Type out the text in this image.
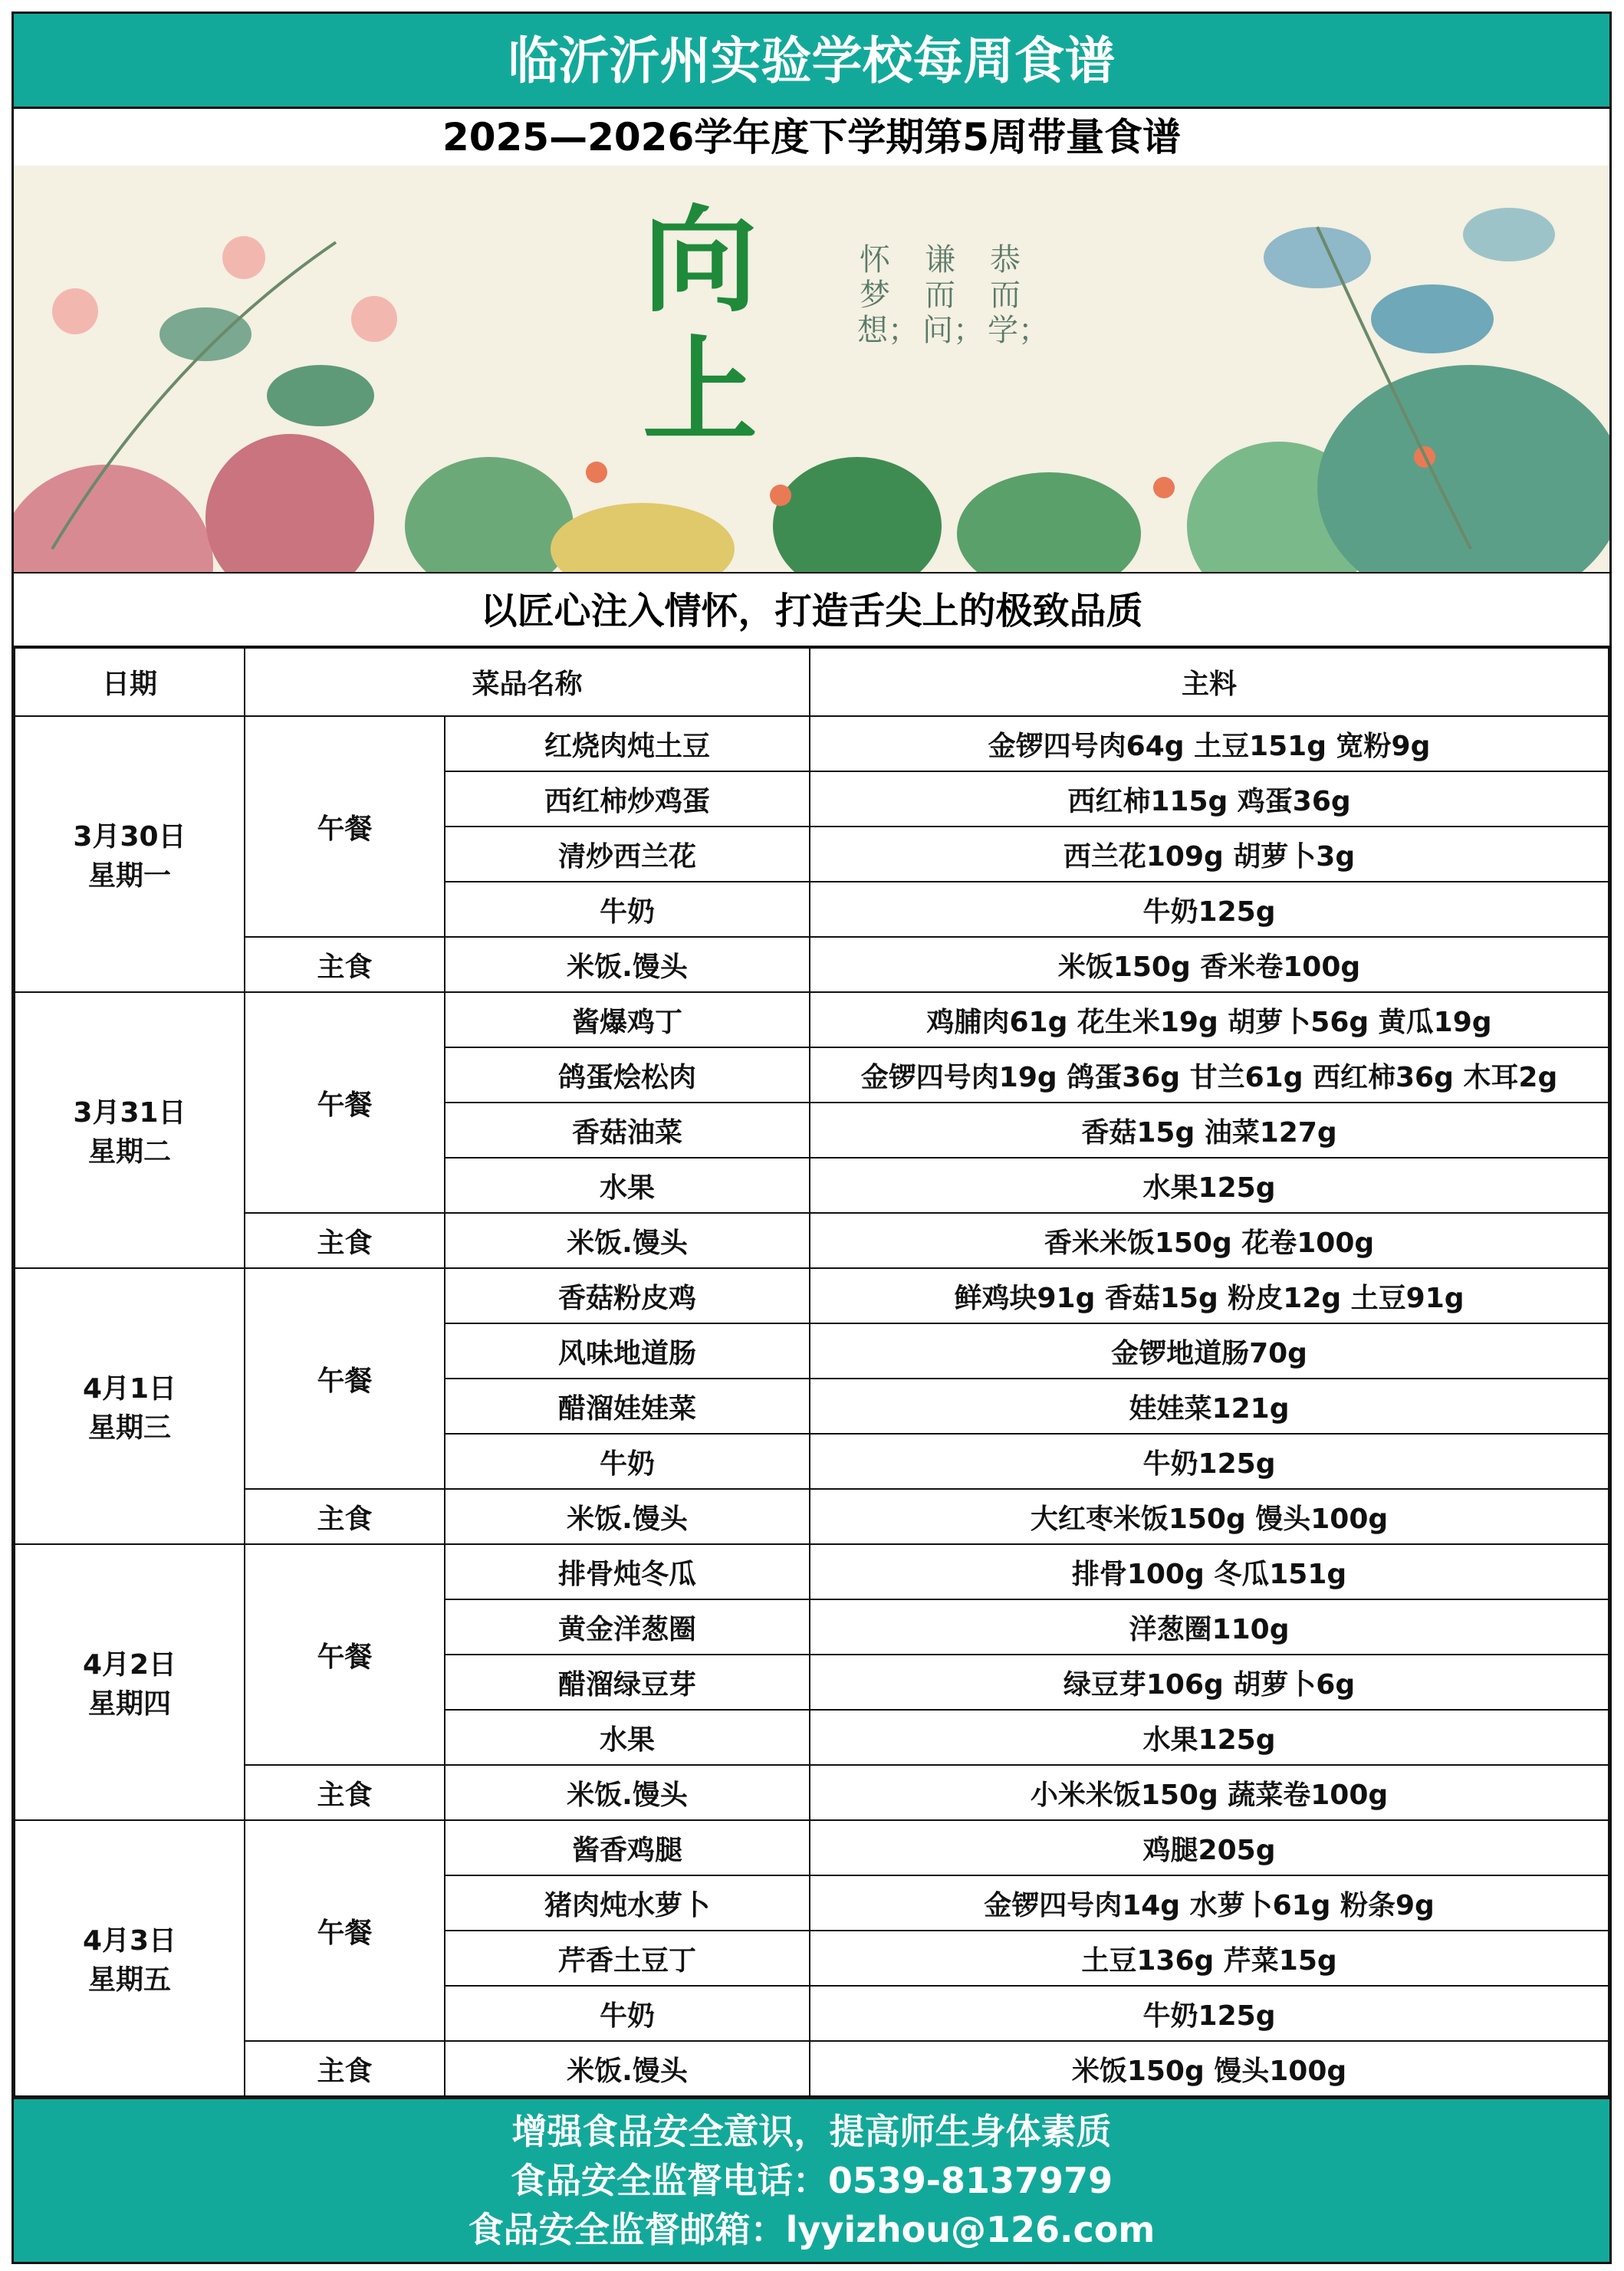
临沂沂州实验学校每周食谱
2025—2026学年度下学期第5周带量食谱
向
上
恭而学；
谦而问；
怀梦想；
以匠心注入情怀，打造舌尖上的极致品质
日期	菜品名称		主料
3月30日
星期一	午餐	红烧肉炖土豆	金锣四号肉64g 土豆151g 宽粉9g
		西红柿炒鸡蛋	西红柿115g 鸡蛋36g
		清炒西兰花	西兰花109g 胡萝卜3g
		牛奶	牛奶125g
	主食	米饭.馒头	米饭150g 香米卷100g
3月31日
星期二	午餐	酱爆鸡丁	鸡脯肉61g 花生米19g 胡萝卜56g 黄瓜19g
		鸽蛋烩松肉	金锣四号肉19g 鸽蛋36g 甘兰61g 西红柿36g 木耳2g
		香菇油菜	香菇15g 油菜127g
		水果	水果125g
	主食	米饭.馒头	香米米饭150g 花卷100g
4月1日
星期三	午餐	香菇粉皮鸡	鲜鸡块91g 香菇15g 粉皮12g 土豆91g
		风味地道肠	金锣地道肠70g
		醋溜娃娃菜	娃娃菜121g
		牛奶	牛奶125g
	主食	米饭.馒头	大红枣米饭150g 馒头100g
4月2日
星期四	午餐	排骨炖冬瓜	排骨100g 冬瓜151g
		黄金洋葱圈	洋葱圈110g
		醋溜绿豆芽	绿豆芽106g 胡萝卜6g
		水果	水果125g
	主食	米饭.馒头	小米米饭150g 蔬菜卷100g
4月3日
星期五	午餐	酱香鸡腿	鸡腿205g
		猪肉炖水萝卜	金锣四号肉14g 水萝卜61g 粉条9g
		芹香土豆丁	土豆136g 芹菜15g
		牛奶	牛奶125g
	主食	米饭.馒头	米饭150g 馒头100g
增强食品安全意识，提高师生身体素质
食品安全监督电话：0539-8137979
食品安全监督邮箱：lyyizhou@126.com
